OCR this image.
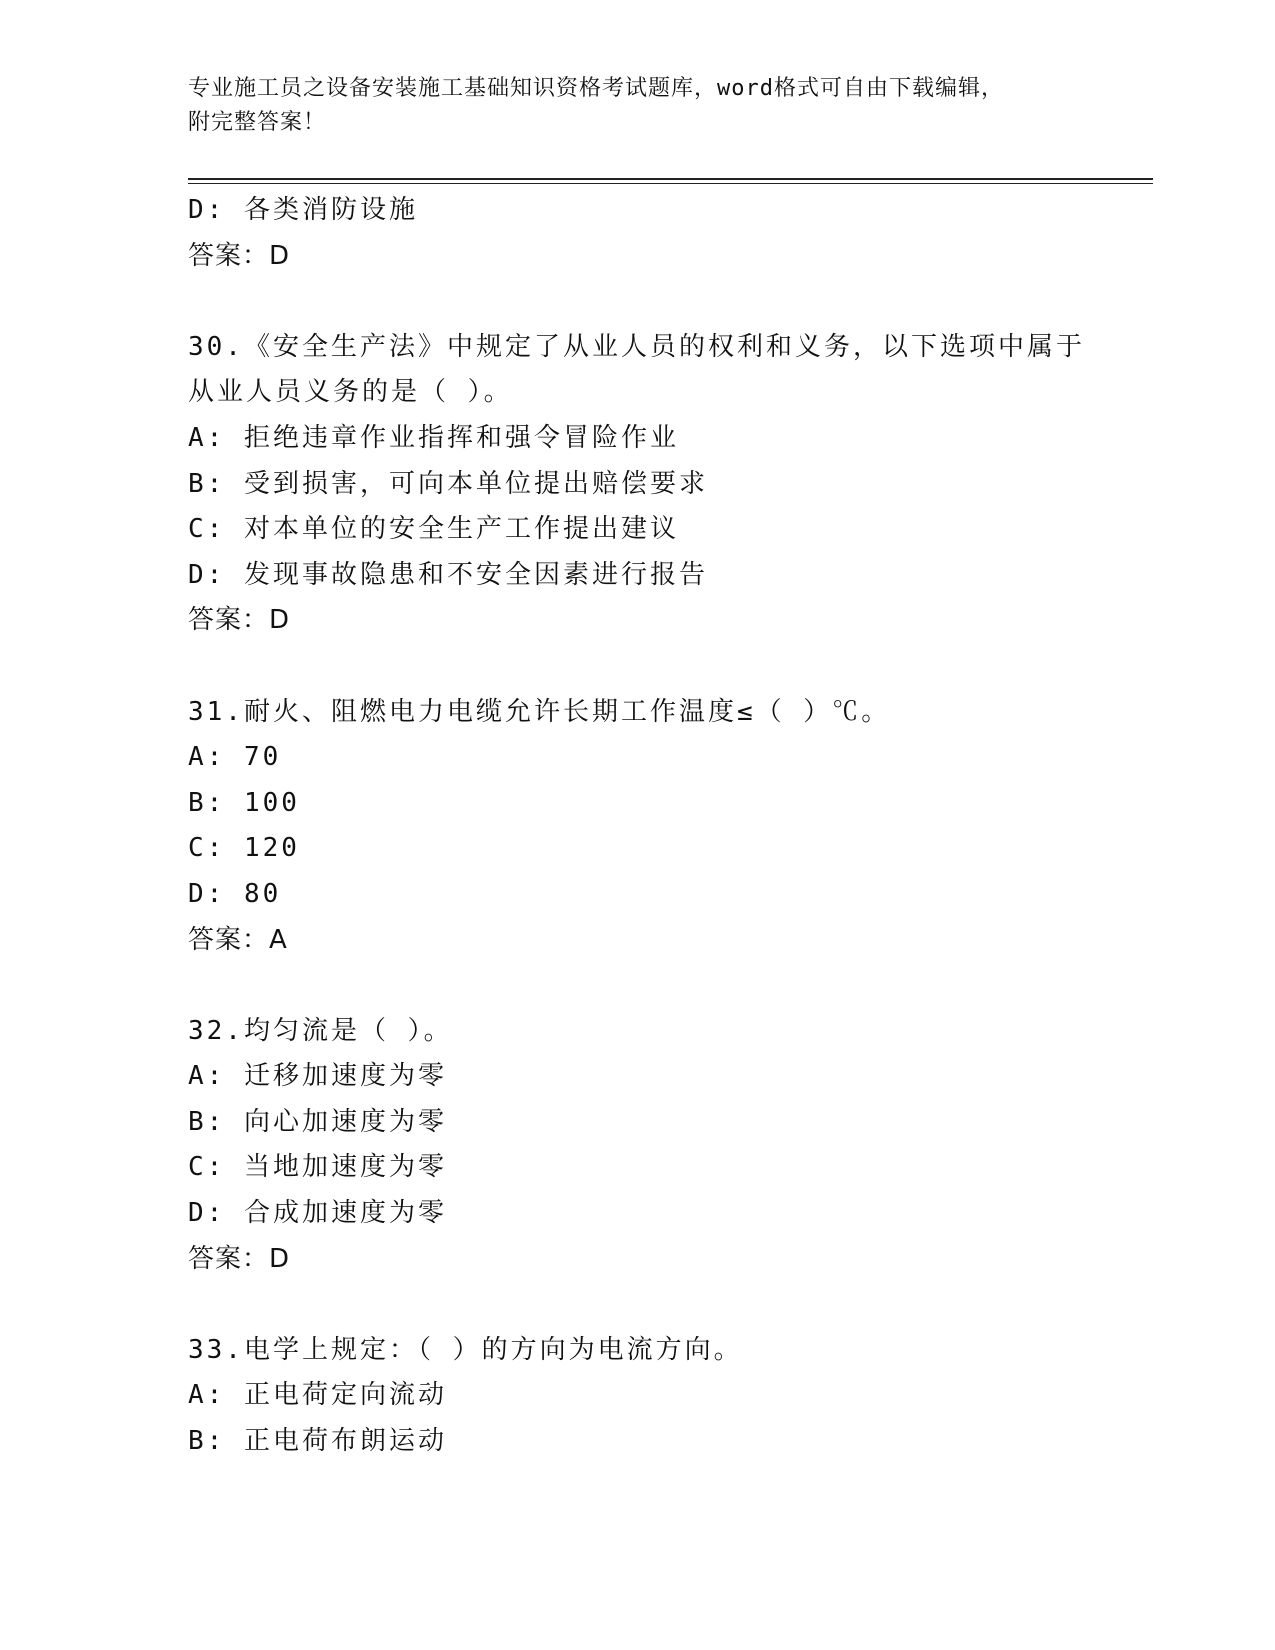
专业施工员之设备安装施工基础知识资格考试题库，word格式可自由下载编辑，
附完整答案！
D: 各类消防设施
答案：D
30.《安全生产法》中规定了从业人员的权利和义务，以下选项中属于
从业人员义务的是（ ）。
A: 拒绝违章作业指挥和强令冒险作业
B: 受到损害，可向本单位提出赔偿要求
C: 对本单位的安全生产工作提出建议
D: 发现事故隐患和不安全因素进行报告
答案：D
31.耐火、阻燃电力电缆允许长期工作温度≤（ ）℃。
A: 70
B: 100
C: 120
D: 80
答案：A
32.均匀流是（ ）。
A: 迁移加速度为零
B: 向心加速度为零
C: 当地加速度为零
D: 合成加速度为零
答案：D
33.电学上规定：（ ）的方向为电流方向。
A: 正电荷定向流动
B: 正电荷布朗运动
